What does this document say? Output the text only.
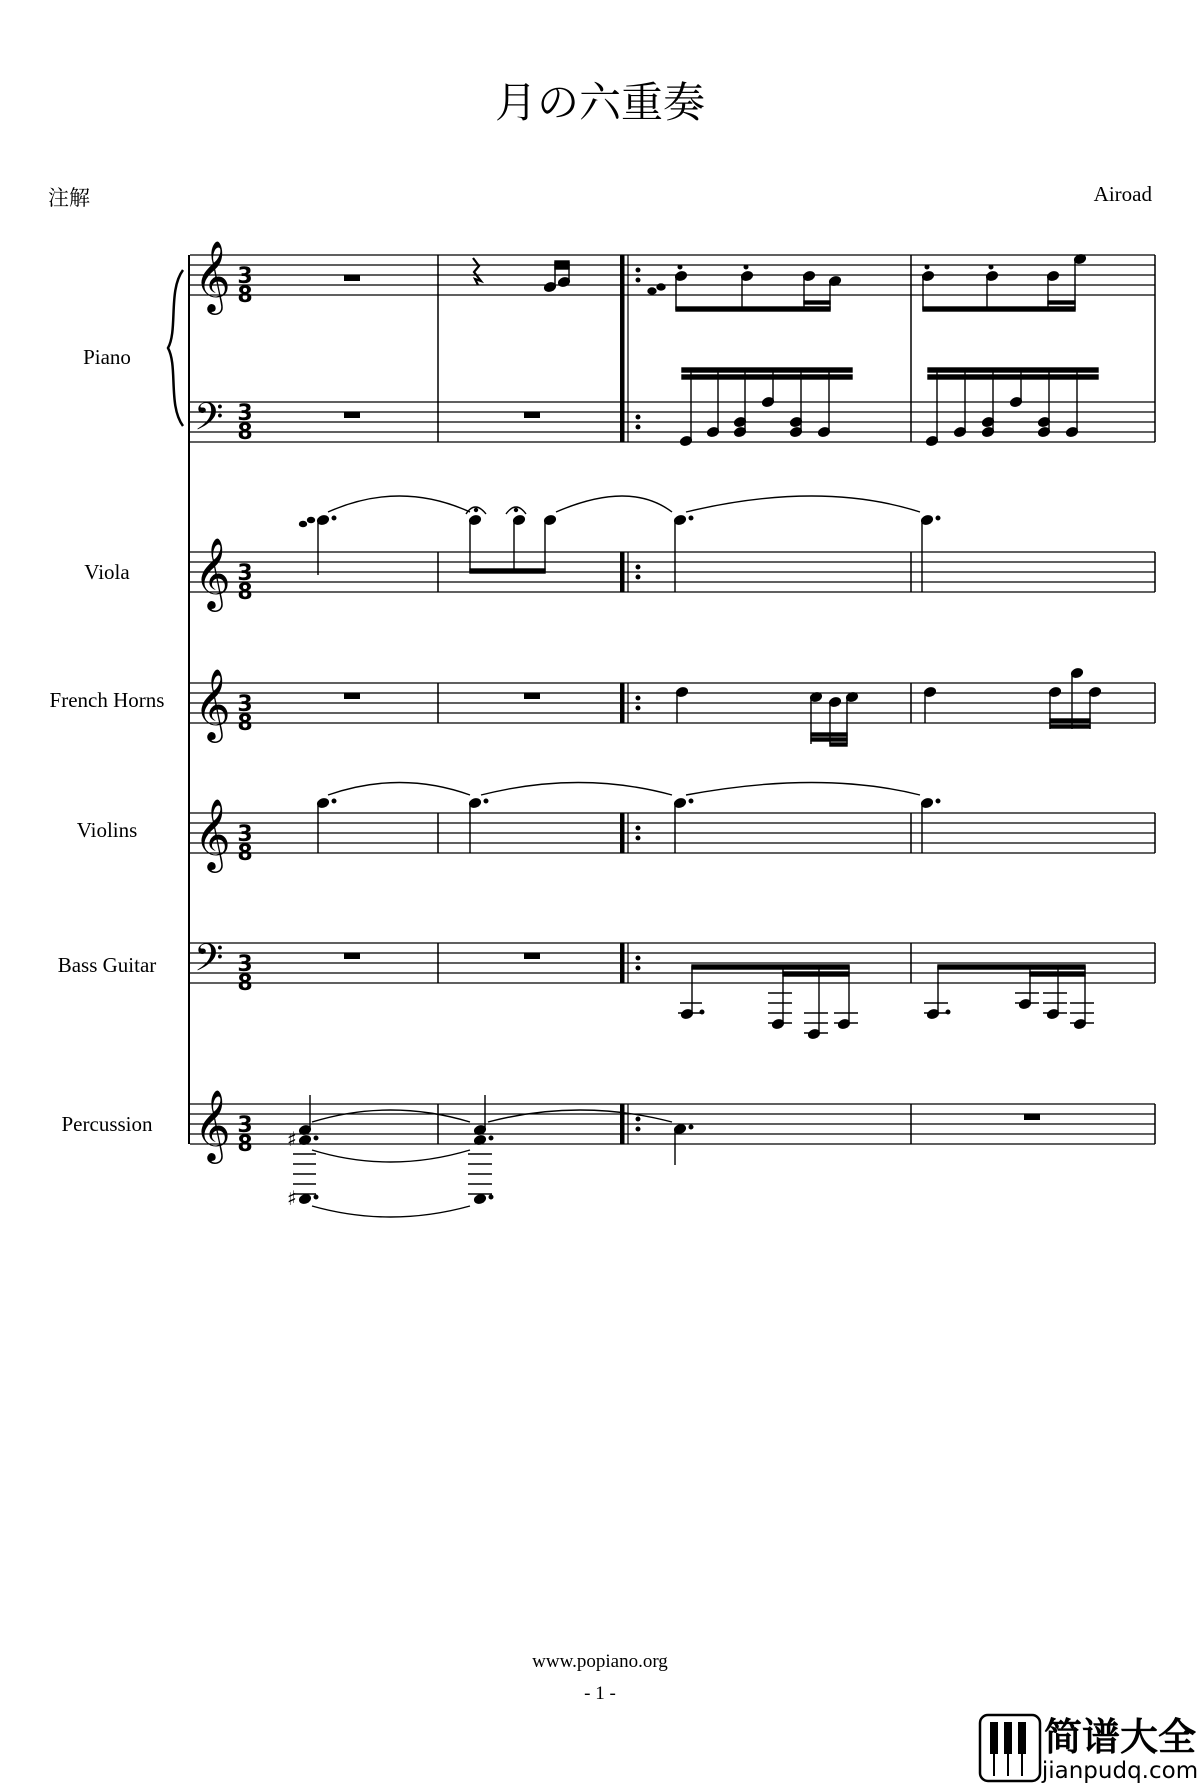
月の六重奏
注解	Airoad
Piano
Viola
French Horns
Violins
Bass Guitar
Percussion
𝄞
𝄢
𝄞
𝄞
𝄞
𝄢
𝄞
3
8
3
8
3
8
3
8
3
8
3
8
3
8 ♯
♯
www.popiano.org
- 1 -
简谱大全
jianpudq.com
